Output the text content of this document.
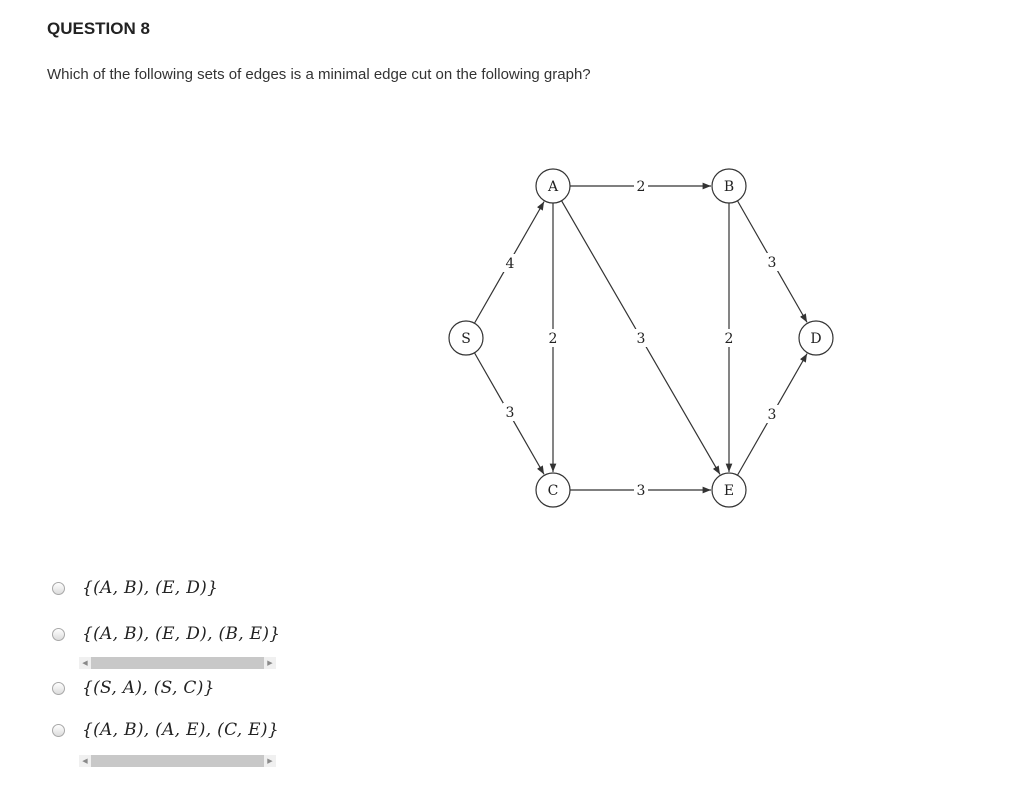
QUESTION 8
Which of the following sets of edges is a minimal edge cut on the following graph?
4
3
2
2	3	2
3
3
3
S
A	B
C
D
E
{(A, B), (E, D)}
{(A, B), (E, D), (B, E)}
◀	▶
{(S, A), (S, C)}
{(A, B), (A, E), (C, E)}
◀	▶
